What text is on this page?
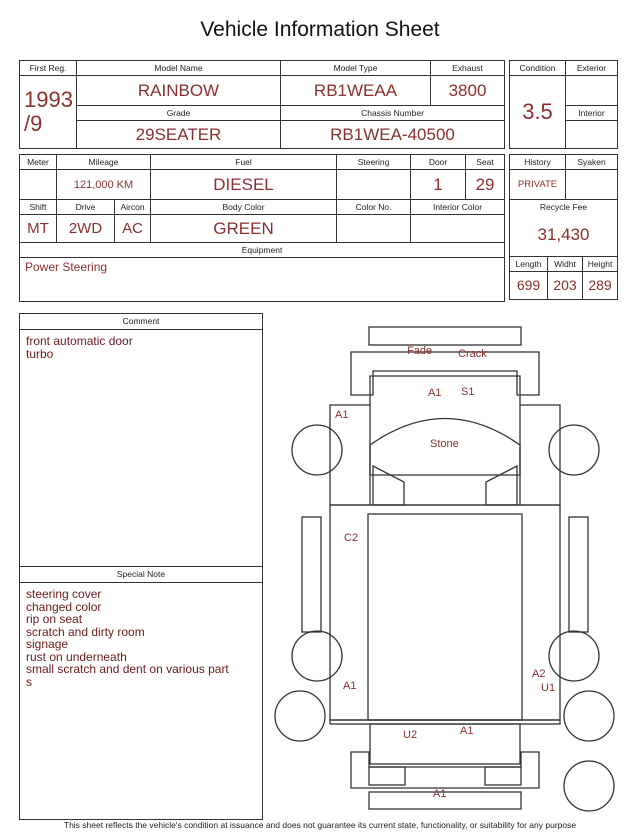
Vehicle Information Sheet
First Reg.	Model Name	Model Type	Exhaust

1993
/9	RAINBOW	RB1WEAA	3800
	Grade	Chassis Number	
	29SEATER	RB1WEA-40500	
Condition	Exterior
3.5	
	Interior

Meter	Mileage		Fuel	Steering	Door	Seat
	121,000 KM		DIESEL		1	29
Shift	Drive	Aircon	Body Color	Color No.	Interior Color	
MT	2WD	AC	GREEN			
Equipment						
Power Steering						
History		Syaken	
PRIVATE			
Recycle Fee			
31,430			
Length	Widht		Height
699	203		289
Comment
front automatic door
turbo
Special Note
steering cover
changed color
rip on seat
scratch and dirty room
signage
rust on underneath
small scratch and dent on various part
s
Fade Crack
A1 S1
A1
Stone
C2
A2
U1
A1
U2	A1
A1
This sheet reflects the vehicle's condition at issuance and does not guarantee its current state, functionality, or suitability for any purpose
